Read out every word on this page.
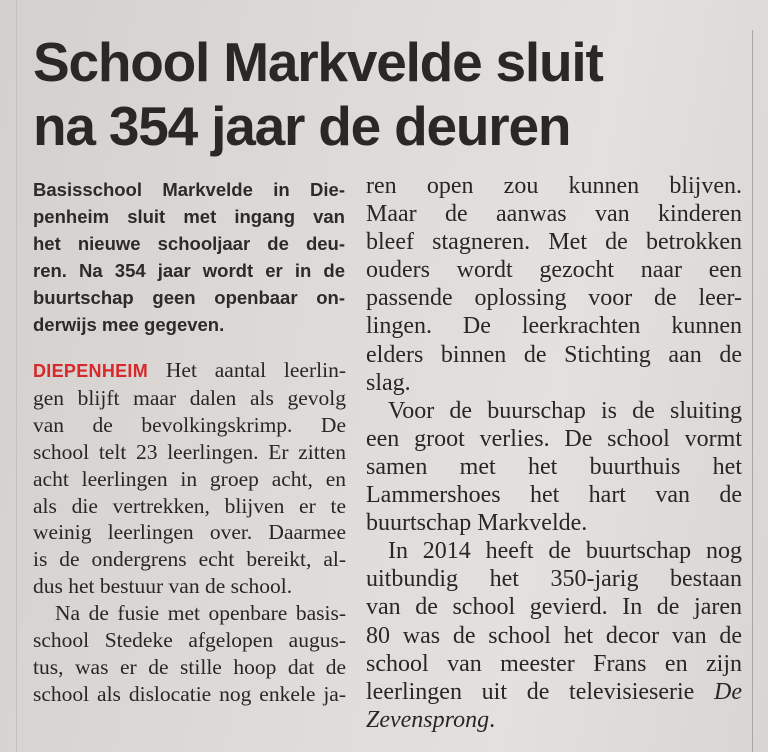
School Markvelde sluit
na 354 jaar de deuren
Basisschool Markvelde in Die-
penheim sluit met ingang van
het nieuwe schooljaar de deu-
ren. Na 354 jaar wordt er in de
buurtschap geen openbaar on-
derwijs mee gegeven.
DIEPENHEIM Het aantal leerlin-
gen blijft maar dalen als gevolg
van de bevolkingskrimp. De
school telt 23 leerlingen. Er zitten
acht leerlingen in groep acht, en
als die vertrekken, blijven er te
weinig leerlingen over. Daarmee
is de ondergrens echt bereikt, al-
dus het bestuur van de school.
Na de fusie met openbare basis-
school Stedeke afgelopen augus-
tus, was er de stille hoop dat de
school als dislocatie nog enkele ja-
ren open zou kunnen blijven.
Maar de aanwas van kinderen
bleef stagneren. Met de betrokken
ouders wordt gezocht naar een
passende oplossing voor de leer-
lingen. De leerkrachten kunnen
elders binnen de Stichting aan de
slag.
Voor de buurschap is de sluiting
een groot verlies. De school vormt
samen met het buurthuis het
Lammershoes het hart van de
buurtschap Markvelde.
In 2014 heeft de buurtschap nog
uitbundig het 350-jarig bestaan
van de school gevierd. In de jaren
80 was de school het decor van de
school van meester Frans en zijn
leerlingen uit de televisieserie De
Zevensprong.
